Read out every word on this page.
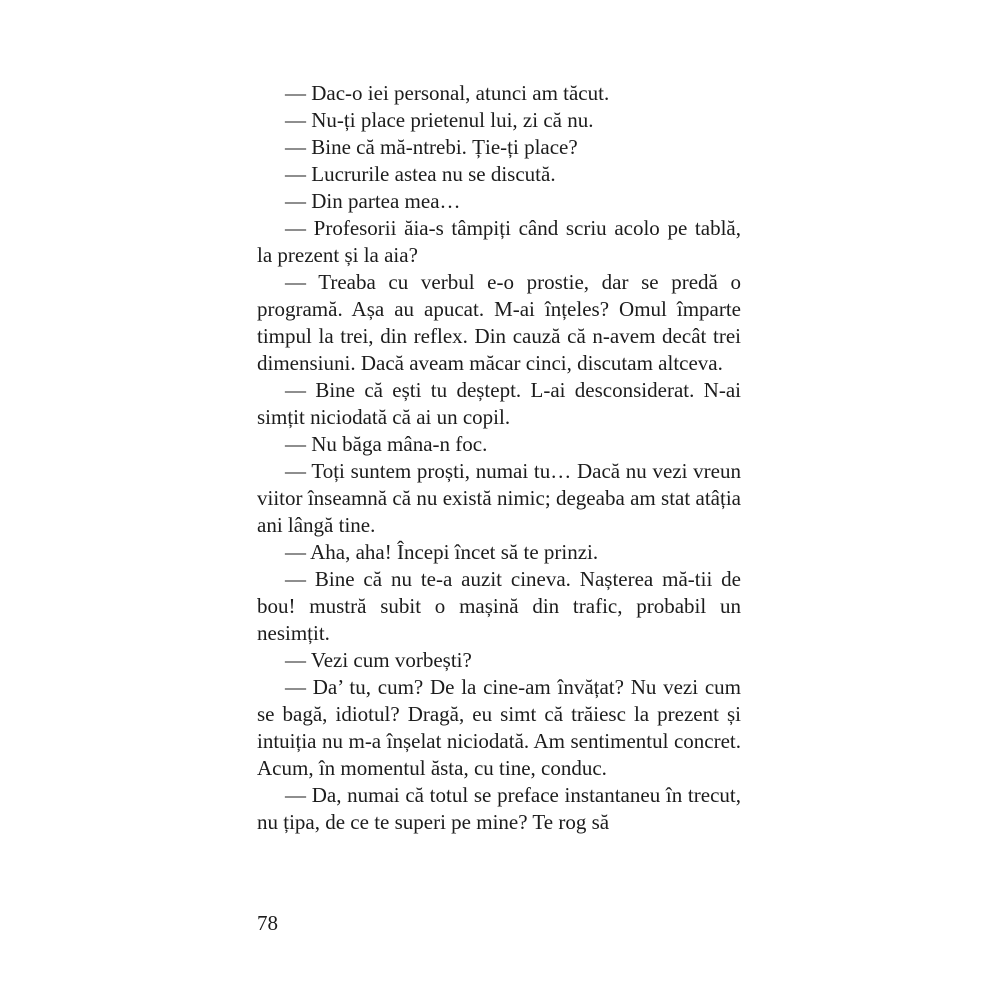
— Dac-o iei personal, atunci am tăcut.

— Nu-ți place prietenul lui, zi că nu.

— Bine că mă-ntrebi. Ție-ți place?

— Lucrurile astea nu se discută.

— Din partea mea…

— Profesorii ăia-s tâmpiți când scriu acolo pe tablă, la prezent și la aia?

— Treaba cu verbul e-o prostie, dar se predă o programă. Așa au apucat. M-ai înțeles? Omul împarte timpul la trei, din reflex. Din cauză că n-avem decât trei dimensiuni. Dacă aveam măcar cinci, discutam altceva.

— Bine că ești tu deștept. L-ai desconsiderat. N-ai simțit niciodată că ai un copil.

— Nu băga mâna-n foc.

— Toți suntem proști, numai tu… Dacă nu vezi vreun viitor înseamnă că nu există nimic; degeaba am stat atâția ani lângă tine.

— Aha, aha! Începi încet să te prinzi.

— Bine că nu te-a auzit cineva. Nașterea mă-tii de bou! mustră subit o mașină din trafic, probabil un nesimțit.

— Vezi cum vorbești?

— Da’ tu, cum? De la cine-am învățat? Nu vezi cum se bagă, idiotul? Dragă, eu simt că trăiesc la prezent și intuiția nu m-a înșelat niciodată. Am sentimentul concret. Acum, în momentul ăsta, cu tine, conduc.

— Da, numai că totul se preface instantaneu în trecut, nu țipa, de ce te superi pe mine? Te rog să

78
